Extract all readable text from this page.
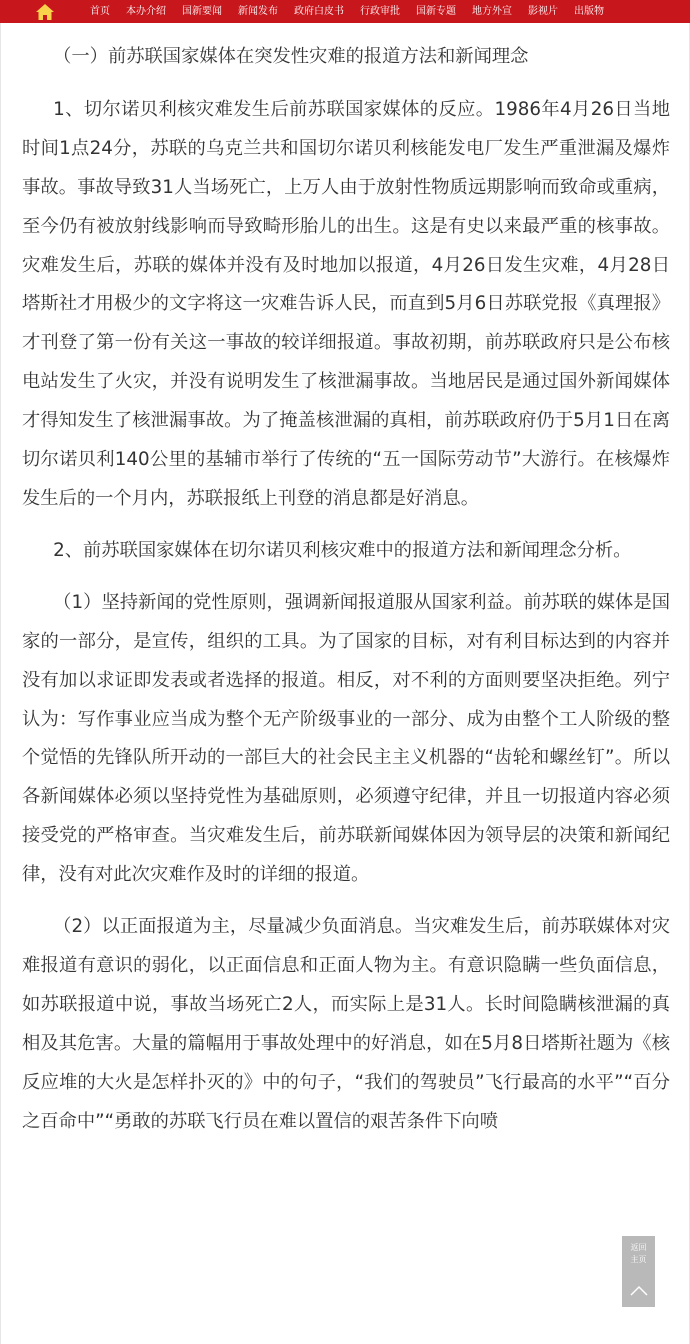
首页 本办介绍 国新要闻 新闻发布 政府白皮书 行政审批 国新专题 地方外宣 影视片 出版物

（一）前苏联国家媒体在突发性灾难的报道方法和新闻理念

1、切尔诺贝利核灾难发生后前苏联国家媒体的反应。1986年4月26日当地时间1点24分，苏联的乌克兰共和国切尔诺贝利核能发电厂发生严重泄漏及爆炸事故。事故导致31人当场死亡，上万人由于放射性物质远期影响而致命或重病，至今仍有被放射线影响而导致畸形胎儿的出生。这是有史以来最严重的核事故。灾难发生后，苏联的媒体并没有及时地加以报道，4月26日发生灾难，4月28日塔斯社才用极少的文字将这一灾难告诉人民，而直到5月6日苏联党报《真理报》才刊登了第一份有关这一事故的较详细报道。事故初期，前苏联政府只是公布核电站发生了火灾，并没有说明发生了核泄漏事故。当地居民是通过国外新闻媒体才得知发生了核泄漏事故。为了掩盖核泄漏的真相，前苏联政府仍于5月1日在离切尔诺贝利140公里的基辅市举行了传统的“五一国际劳动节”大游行。在核爆炸发生后的一个月内，苏联报纸上刊登的消息都是好消息。

2、前苏联国家媒体在切尔诺贝利核灾难中的报道方法和新闻理念分析。

（1）坚持新闻的党性原则，强调新闻报道服从国家利益。前苏联的媒体是国家的一部分，是宣传，组织的工具。为了国家的目标，对有利目标达到的内容并没有加以求证即发表或者选择的报道。相反，对不利的方面则要坚决拒绝。列宁认为：写作事业应当成为整个无产阶级事业的一部分、成为由整个工人阶级的整个觉悟的先锋队所开动的一部巨大的社会民主主义机器的“齿轮和螺丝钉”。所以各新闻媒体必须以坚持党性为基础原则，必须遵守纪律，并且一切报道内容必须接受党的严格审查。当灾难发生后，前苏联新闻媒体因为领导层的决策和新闻纪律，没有对此次灾难作及时的详细的报道。

（2）以正面报道为主，尽量减少负面消息。当灾难发生后，前苏联媒体对灾难报道有意识的弱化，以正面信息和正面人物为主。有意识隐瞒一些负面信息，如苏联报道中说，事故当场死亡2人，而实际上是31人。长时间隐瞒核泄漏的真相及其危害。大量的篇幅用于事故处理中的好消息，如在5月8日塔斯社题为《核反应堆的大火是怎样扑灭的》中的句子，“我们的驾驶员”飞行最高的水平”“百分之百命中”“勇敢的苏联飞行员在难以置信的艰苦条件下向喷

返回
主页
